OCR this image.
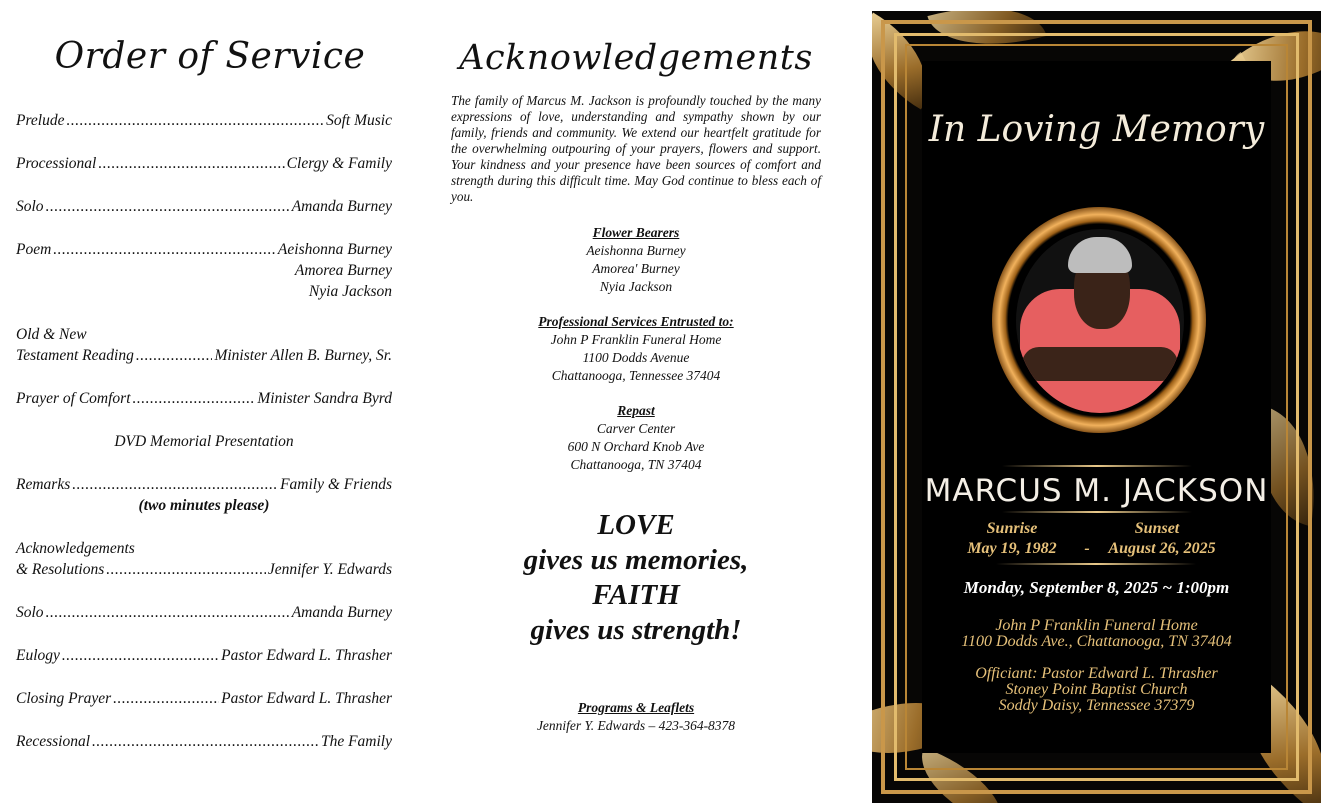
Order of Service
Prelude .....	Soft Music
Processional .....	Clergy & Family
Solo .....	Amanda Burney
Poem .....	Aeishonna Burney
Amorea Burney
Nyia Jackson
Old & New
Testament Reading .....	Minister Allen B. Burney, Sr.
Prayer of Comfort .....	Minister Sandra Byrd
DVD Memorial Presentation
Remarks .....	Family & Friends
(two minutes please)
Acknowledgements
& Resolutions .....	Jennifer Y. Edwards
Solo .....	Amanda Burney
Eulogy .....	Pastor Edward L. Thrasher
Closing Prayer .....	Pastor Edward L. Thrasher
Recessional .....	The Family
Acknowledgements
The family of Marcus M. Jackson is profoundly touched by the many expressions of love, understanding and sympathy shown by our family, friends and community. We extend our heartfelt gratitude for the overwhelming outpouring of your prayers, flowers and support. Your kindness and your presence have been sources of comfort and strength during this difficult time. May God continue to bless each of you.
Flower Bearers
Aeishonna Burney
Amorea' Burney
Nyia Jackson
Professional Services Entrusted to:
John P Franklin Funeral Home
1100 Dodds Avenue
Chattanooga, Tennessee 37404
Repast
Carver Center
600 N Orchard Knob Ave
Chattanooga, TN 37404
LOVE
gives us memories,
FAITH
gives us strength!
Programs & Leaflets
Jennifer Y. Edwards – 423-364-8378
In Loving Memory
MARCUS M. JACKSON
Sunrise	Sunset
May 19, 1982	-	August 26, 2025
Monday, September 8, 2025 ~ 1:00pm
John P Franklin Funeral Home
1100 Dodds Ave., Chattanooga, TN 37404
Officiant: Pastor Edward L. Thrasher
Stoney Point Baptist Church
Soddy Daisy, Tennessee 37379
